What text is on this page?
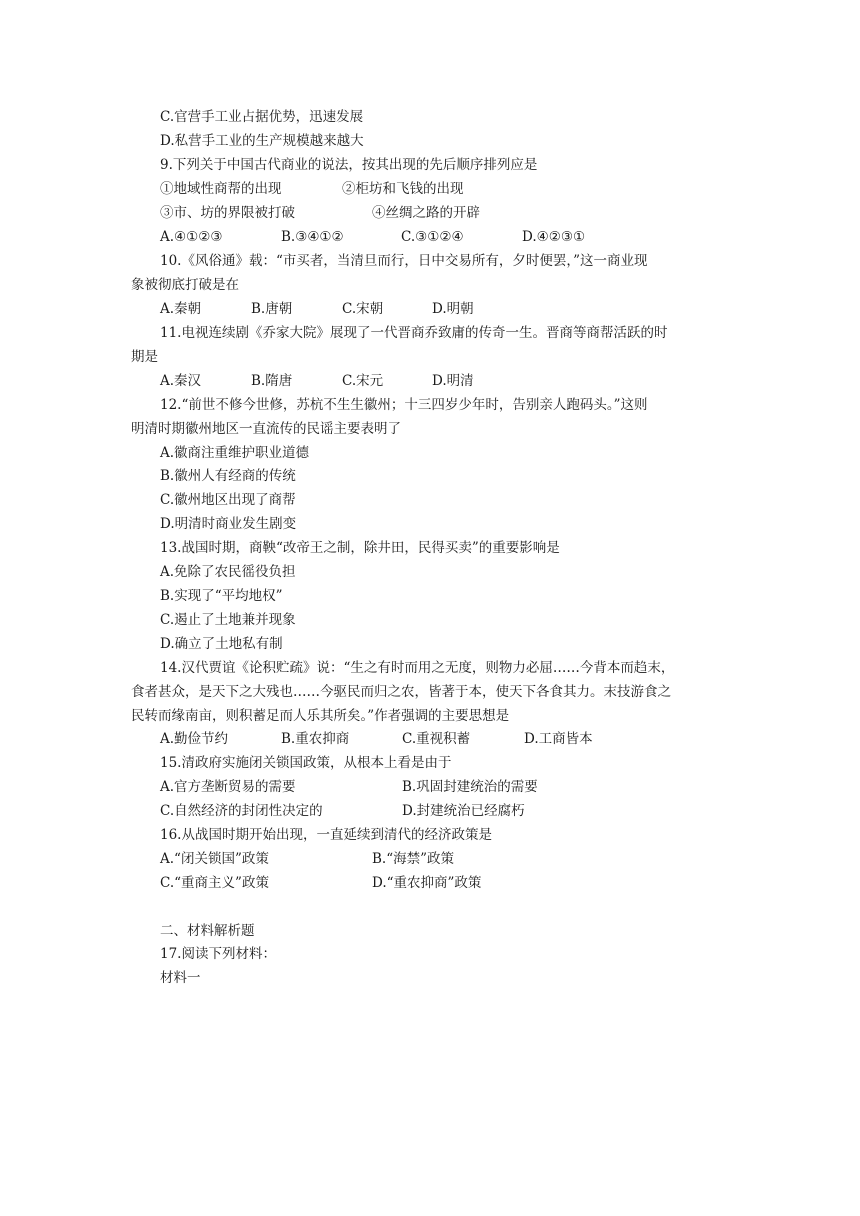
C.官营手工业占据优势，迅速发展
D.私营手工业的生产规模越来越大
9.下列关于中国古代商业的说法，按其出现的先后顺序排列应是
①地域性商帮的出现	②柜坊和飞钱的出现
③市、坊的界限被打破	④丝绸之路的开辟
A.④①②③	B.③④①②	C.③①②④	D.④②③①
10.《风俗通》载：“市买者，当清旦而行，日中交易所有，夕时便罢，”这一商业现
象被彻底打破是在
A.秦朝	B.唐朝	C.宋朝	D.明朝
11.电视连续剧《乔家大院》展现了一代晋商乔致庸的传奇一生。晋商等商帮活跃的时
期是
A.秦汉	B.隋唐	C.宋元	D.明清
12.“前世不修今世修，苏杭不生生徽州；十三四岁少年时，告别亲人跑码头。”这则
明清时期徽州地区一直流传的民谣主要表明了
A.徽商注重维护职业道德
B.徽州人有经商的传统
C.徽州地区出现了商帮
D.明清时商业发生剧变
13.战国时期，商鞅“改帝王之制，除井田，民得买卖”的重要影响是
A.免除了农民徭役负担
B.实现了“平均地权”
C.遏止了土地兼并现象
D.确立了土地私有制
14.汉代贾谊《论积贮疏》说：“生之有时而用之无度，则物力必屈……今背本而趋末，
食者甚众，是天下之大残也……今驱民而归之农，皆著于本，使天下各食其力。末技游食之
民转而缘南亩，则积蓄足而人乐其所矣。”作者强调的主要思想是
A.勤俭节约	B.重农抑商	C.重视积蓄	D.工商皆本
15.清政府实施闭关锁国政策，从根本上看是由于
A.官方垄断贸易的需要	B.巩固封建统治的需要
C.自然经济的封闭性决定的	D.封建统治已经腐朽
16.从战国时期开始出现，一直延续到清代的经济政策是
A.“闭关锁国”政策	B.“海禁”政策
C.“重商主义”政策	D.“重农抑商”政策
二、材料解析题
17.阅读下列材料：
材料一
